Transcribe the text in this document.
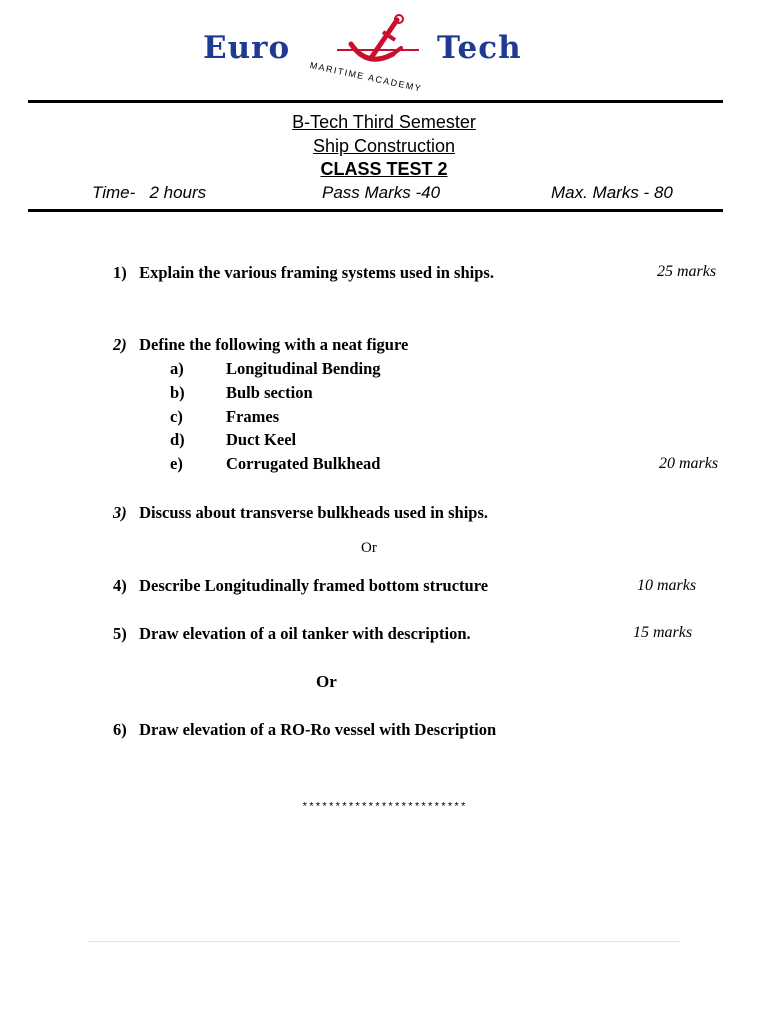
Euro	Tech
MARITIME ACADEMY
B-Tech Third Semester
Ship Construction
CLASS TEST 2
Time-   2 hours	Pass Marks -40	Max. Marks - 80
1) Explain the various framing systems used in ships.	25 marks
2) Define the following with a neat figure
a)	Longitudinal Bending
b)	Bulb section
c)	Frames
d)	Duct Keel
e)	Corrugated Bulkhead	20 marks
3) Discuss about transverse bulkheads used in ships.
Or
4) Describe Longitudinally framed bottom structure	10 marks
5) Draw elevation of a oil tanker with description.	15 marks
Or
6) Draw elevation of a RO-Ro vessel with Description
*************************
